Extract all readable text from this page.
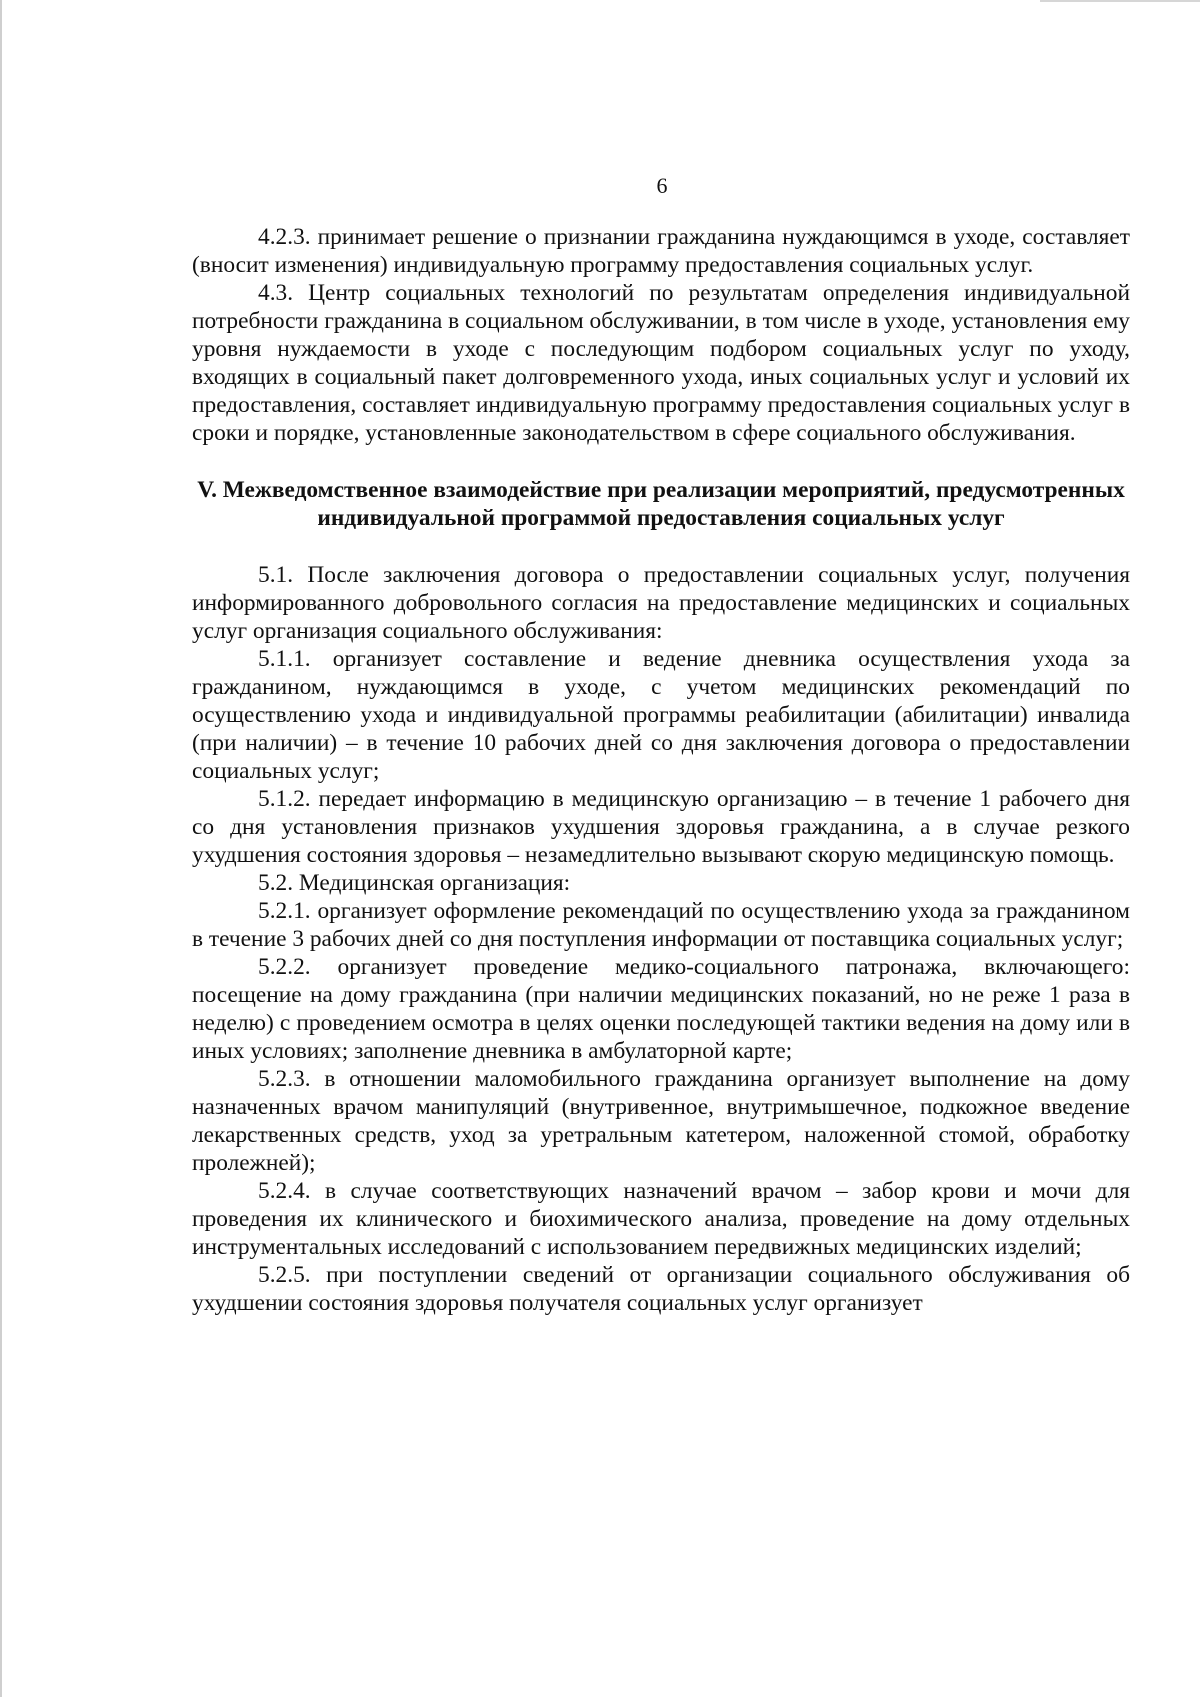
6

4.2.3. принимает решение о признании гражданина нуждающимся в уходе, составляет (вносит изменения) индивидуальную программу предоставления социальных услуг.

4.3. Центр социальных технологий по результатам определения индивидуальной потребности гражданина в социальном обслуживании, в том числе в уходе, установления ему уровня нуждаемости в уходе с последующим подбором социальных услуг по уходу, входящих в социальный пакет долговременного ухода, иных социальных услуг и условий их предоставления, составляет индивидуальную программу предоставления социальных услуг в сроки и порядке, установленные законодательством в сфере социального обслуживания.

V. Межведомственное взаимодействие при реализации мероприятий, предусмотренных индивидуальной программой предоставления социальных услуг

5.1. После заключения договора о предоставлении социальных услуг, получения информированного добровольного согласия на предоставление медицинских и социальных услуг организация социального обслуживания:

5.1.1. организует составление и ведение дневника осуществления ухода за гражданином, нуждающимся в уходе, с учетом медицинских рекомендаций по осуществлению ухода и индивидуальной программы реабилитации (абилитации) инвалида (при наличии) – в течение 10 рабочих дней со дня заключения договора о предоставлении социальных услуг;

5.1.2. передает информацию в медицинскую организацию – в течение 1 рабочего дня со дня установления признаков ухудшения здоровья гражданина, а в случае резкого ухудшения состояния здоровья – незамедлительно вызывают скорую медицинскую помощь.

5.2. Медицинская организация:

5.2.1. организует оформление рекомендаций по осуществлению ухода за гражданином в течение 3 рабочих дней со дня поступления информации от поставщика социальных услуг;

5.2.2. организует проведение медико-социального патронажа, включающего: посещение на дому гражданина (при наличии медицинских показаний, но не реже 1 раза в неделю) с проведением осмотра в целях оценки последующей тактики ведения на дому или в иных условиях; заполнение дневника в амбулаторной карте;

5.2.3. в отношении маломобильного гражданина организует выполнение на дому назначенных врачом манипуляций (внутривенное, внутримышечное, подкожное введение лекарственных средств, уход за уретральным катетером, наложенной стомой, обработку пролежней);

5.2.4. в случае соответствующих назначений врачом – забор крови и мочи для проведения их клинического и биохимического анализа, проведение на дому отдельных инструментальных исследований с использованием передвижных медицинских изделий;

5.2.5. при поступлении сведений от организации социального обслуживания об ухудшении состояния здоровья получателя социальных услуг организует
